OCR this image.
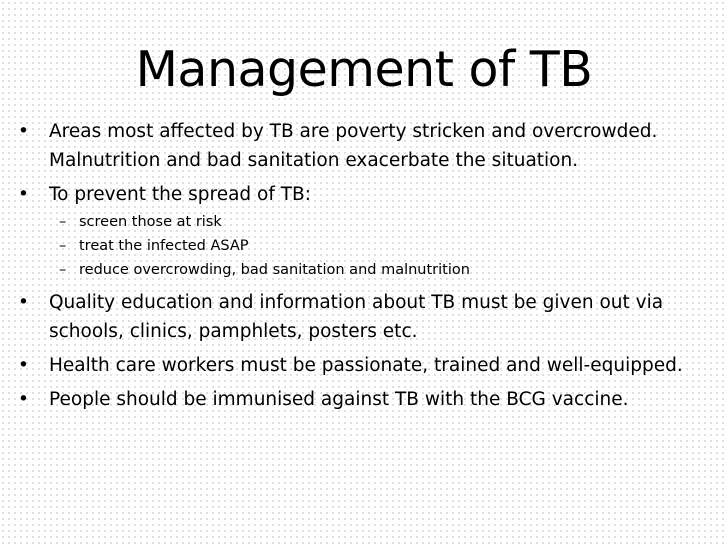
Management of TB
•	Areas most affected by TB are poverty stricken and overcrowded. Malnutrition and bad sanitation exacerbate the situation.
•	To prevent the spread of TB:
– screen those at risk
– treat the infected ASAP
– reduce overcrowding, bad sanitation and malnutrition
•	Quality education and information about TB must be given out via schools, clinics, pamphlets, posters etc.
•	Health care workers must be passionate, trained and well-equipped.
•	People should be immunised against TB with the BCG vaccine.
